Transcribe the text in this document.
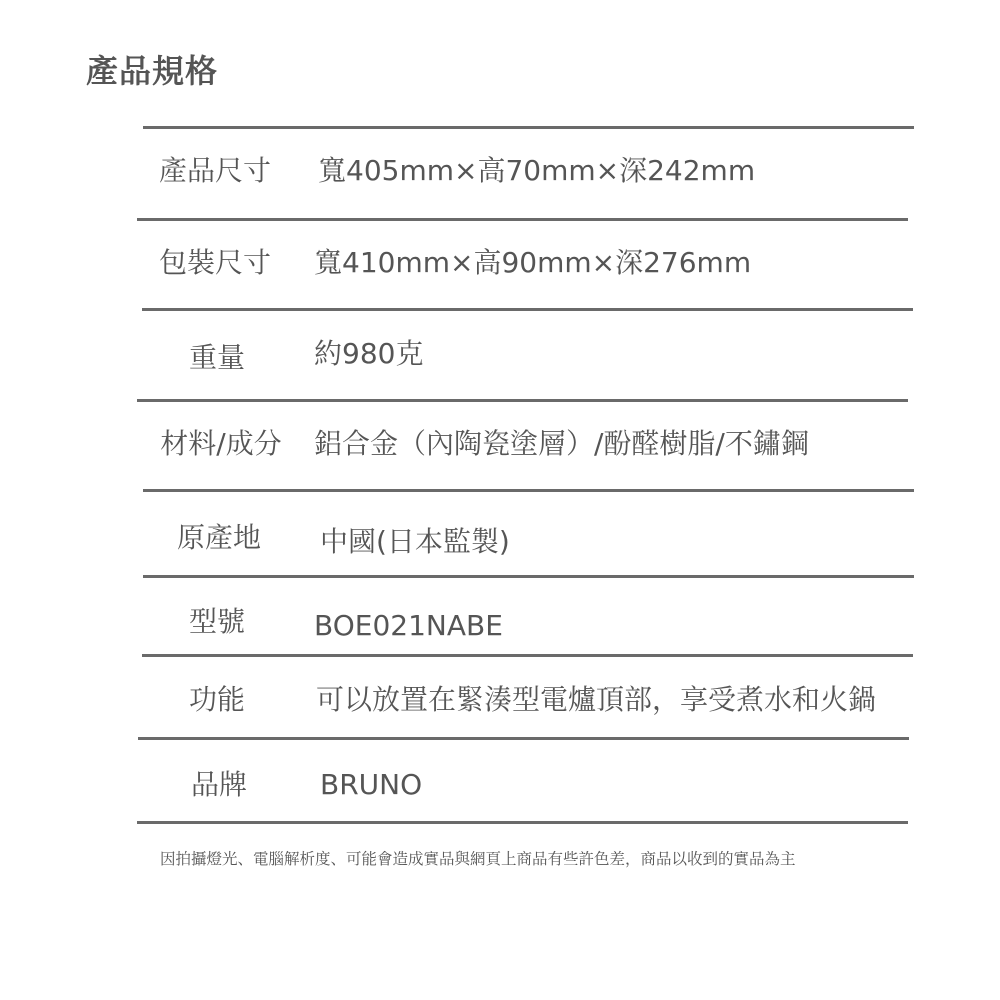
產品規格
產品尺寸	寬405mm×高70mm×深242mm
包裝尺寸	寬410mm×高90mm×深276mm
重量	約980克
材料/成分	鋁合金（內陶瓷塗層）/酚醛樹脂/不鏽鋼
原產地	中國(日本監製)
型號	BOE021NABE
功能	可以放置在緊湊型電爐頂部，享受煮水和火鍋
品牌	BRUNO
因拍攝燈光、電腦解析度、可能會造成實品與網頁上商品有些許色差，商品以收到的實品為主
